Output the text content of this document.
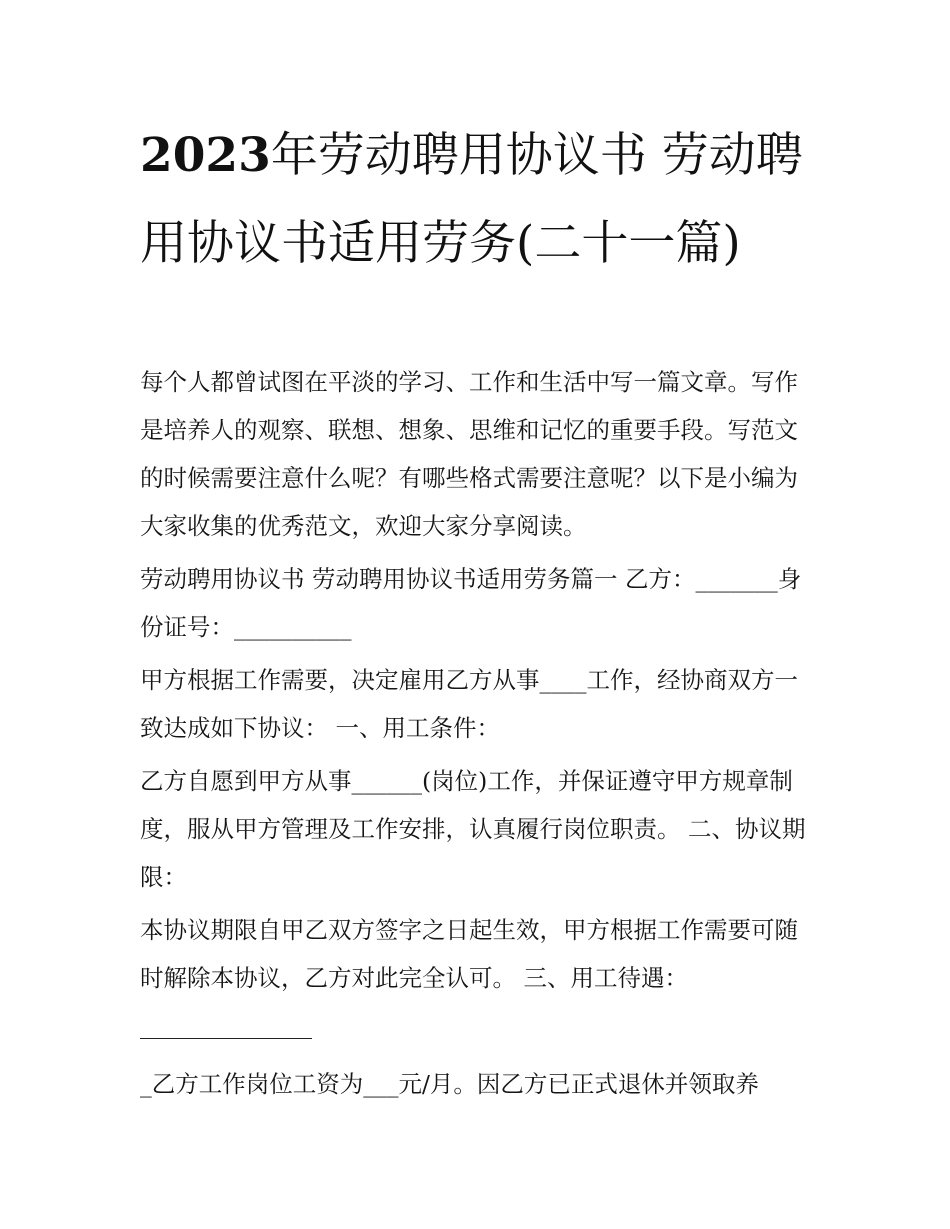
2023年劳动聘用协议书 劳动聘用协议书适用劳务(二十一篇)

每个人都曾试图在平淡的学习、工作和生活中写一篇文章。写作是培养人的观察、联想、想象、思维和记忆的重要手段。写范文的时候需要注意什么呢？有哪些格式需要注意呢？以下是小编为大家收集的优秀范文，欢迎大家分享阅读。

劳动聘用协议书 劳动聘用协议书适用劳务篇一 乙方：_______身份证号：__________

甲方根据工作需要，决定雇用乙方从事____工作，经协商双方一致达成如下协议： 一、用工条件：

乙方自愿到甲方从事______(岗位)工作，并保证遵守甲方规章制度，服从甲方管理及工作安排，认真履行岗位职责。 二、协议期限：

本协议期限自甲乙双方签字之日起生效，甲方根据工作需要可随时解除本协议，乙方对此完全认可。 三、用工待遇：

_乙方工作岗位工资为___元/月。因乙方已正式退休并领取养
